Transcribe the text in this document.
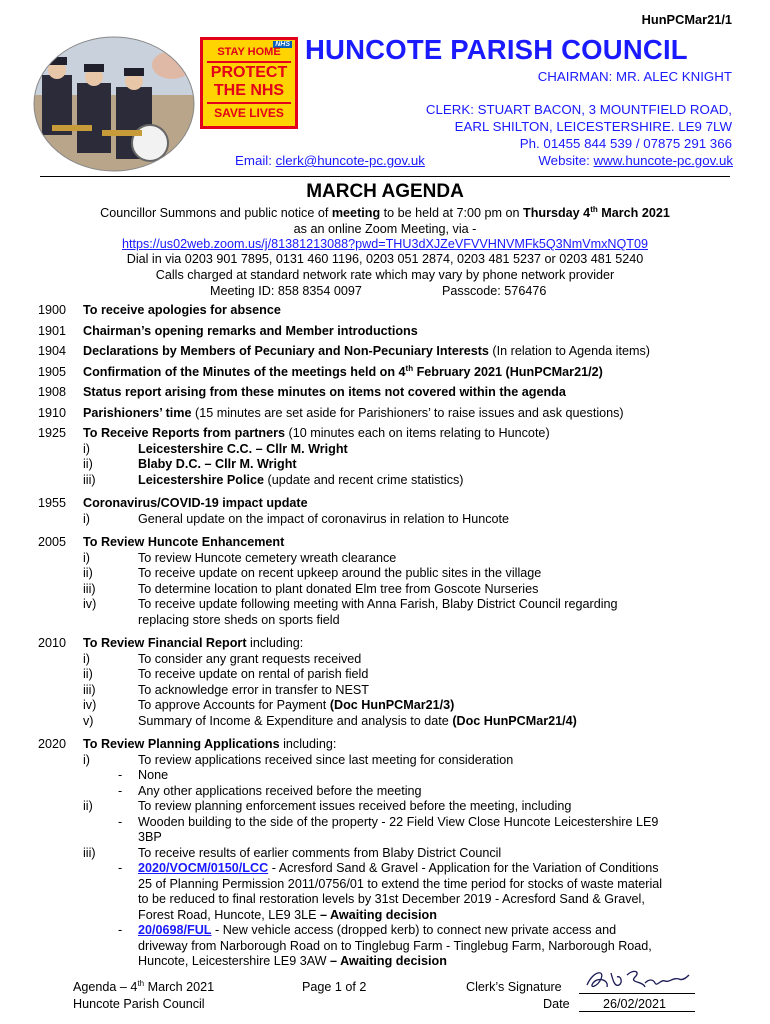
HunPCMar21/1
NHS
STAY HOME
PROTECT
THE NHS
SAVE LIVES
HUNCOTE PARISH COUNCIL
CHAIRMAN: MR. ALEC KNIGHT
CLERK: STUART BACON, 3 MOUNTFIELD ROAD,
EARL SHILTON, LEICESTERSHIRE. LE9 7LW
Ph. 01455 844 539 / 07875 291 366
Email: clerk@huncote-pc.gov.uk	Website: www.huncote-pc.gov.uk
MARCH AGENDA
Councillor Summons and public notice of meeting to be held at 7:00 pm on Thursday 4th March 2021
as an online Zoom Meeting, via -
https://us02web.zoom.us/j/81381213088?pwd=THU3dXJZeVFVVHNVMFk5Q3NmVmxNQT09
Dial in via 0203 901 7895, 0131 460 1196, 0203 051 2874, 0203 481 5237 or 0203 481 5240
Calls charged at standard network rate which may vary by phone network provider
Meeting ID: 858 8354 0097	Passcode: 576476
1900	To receive apologies for absence
1901	Chairman’s opening remarks and Member introductions
1904	Declarations by Members of Pecuniary and Non-Pecuniary Interests (In relation to Agenda items)
1905	Confirmation of the Minutes of the meetings held on 4th February 2021 (HunPCMar21/2)
1908	Status report arising from these minutes on items not covered within the agenda
1910	Parishioners’ time (15 minutes are set aside for Parishioners’ to raise issues and ask questions)
1925	To Receive Reports from partners (10 minutes each on items relating to Huncote)
i)	Leicestershire C.C. – Cllr M. Wright
ii)	Blaby D.C. – Cllr M. Wright
iii)	Leicestershire Police (update and recent crime statistics)
1955	Coronavirus/COVID-19 impact update
i)	General update on the impact of coronavirus in relation to Huncote
2005	To Review Huncote Enhancement
i)	To review Huncote cemetery wreath clearance
ii)	To receive update on recent upkeep around the public sites in the village
iii)	To determine location to plant donated Elm tree from Goscote Nurseries
iv)	To receive update following meeting with Anna Farish, Blaby District Council regarding
replacing store sheds on sports field
2010	To Review Financial Report including:
i)	To consider any grant requests received
ii)	To receive update on rental of parish field
iii)	To acknowledge error in transfer to NEST
iv)	To approve Accounts for Payment (Doc HunPCMar21/3)
v)	Summary of Income & Expenditure and analysis to date (Doc HunPCMar21/4)
2020	To Review Planning Applications including:
i)	To review applications received since last meeting for consideration
- None
- Any other applications received before the meeting
ii)	To review planning enforcement issues received before the meeting, including
- Wooden building to the side of the property - 22 Field View Close Huncote Leicestershire LE9
3BP
iii)	To receive results of earlier comments from Blaby District Council
- 2020/VOCM/0150/LCC - Acresford Sand & Gravel - Application for the Variation of Conditions
25 of Planning Permission 2011/0756/01 to extend the time period for stocks of waste material
to be reduced to final restoration levels by 31st December 2019 - Acresford Sand & Gravel,
Forest Road, Huncote, LE9 3LE – Awaiting decision
- 20/0698/FUL - New vehicle access (dropped kerb) to connect new private access and
driveway from Narborough Road on to Tinglebug Farm - Tinglebug Farm, Narborough Road,
Huncote, Leicestershire LE9 3AW – Awaiting decision
Agenda – 4th March 2021
Huncote Parish Council
Page 1 of 2	Clerk’s Signature
Date	26/02/2021
